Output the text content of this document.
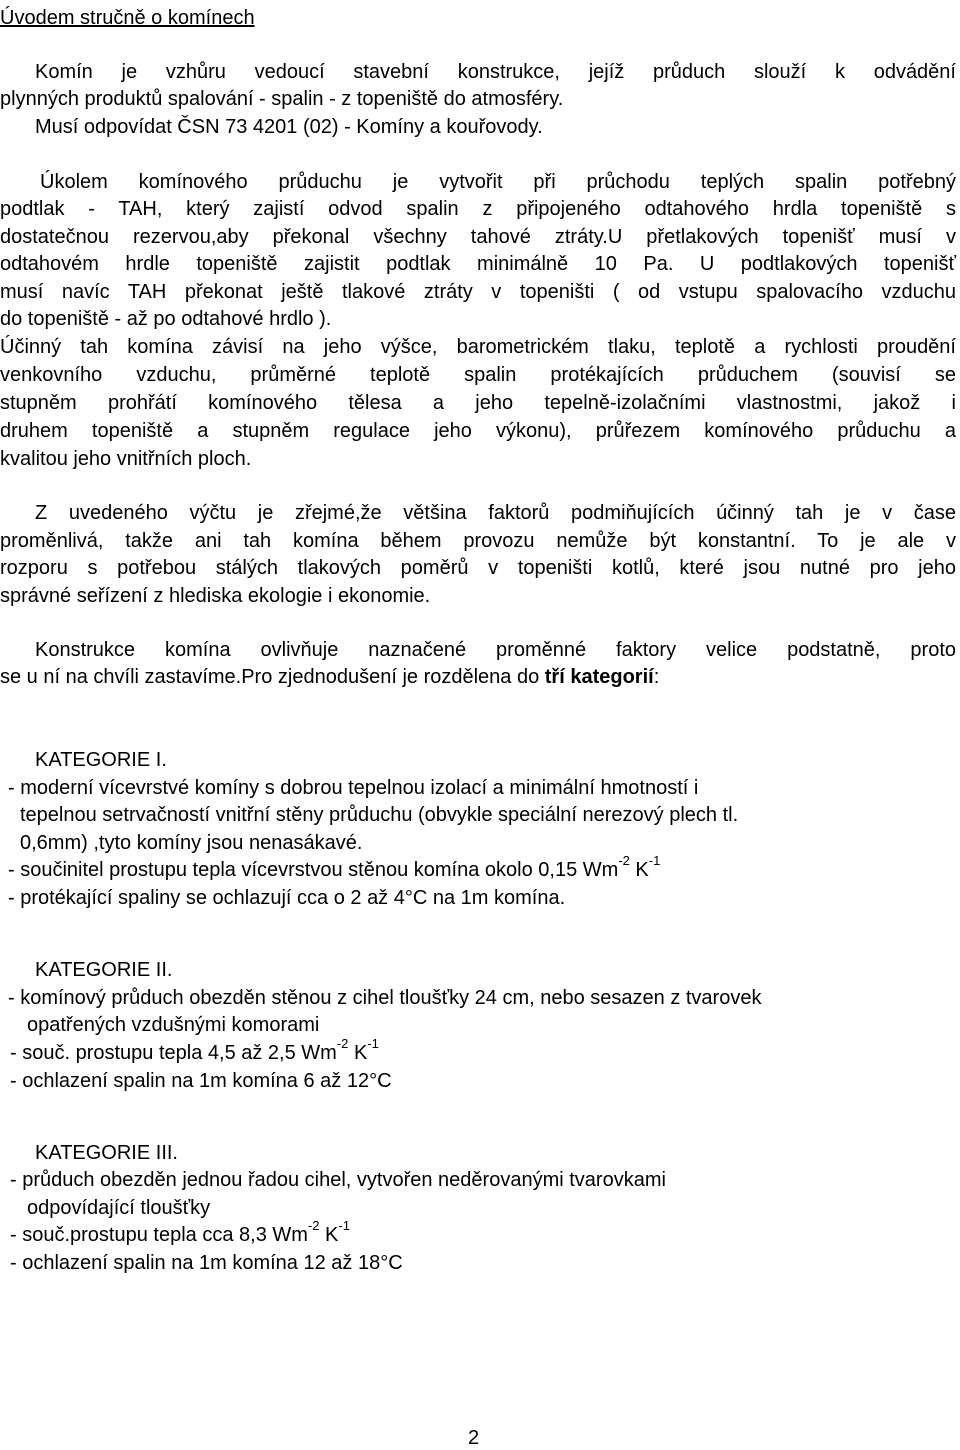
Úvodem stručně o komínech
Komín je vzhůru vedoucí stavební konstrukce, jejíž průduch slouží k odvádění
plynných produktů spalování - spalin - z topeniště do atmosféry.
Musí odpovídat ČSN 73 4201 (02) - Komíny a kouřovody.
Úkolem komínového průduchu je vytvořit při průchodu teplých spalin potřebný
podtlak - TAH, který zajistí odvod spalin z připojeného odtahového hrdla topeniště s
dostatečnou rezervou,aby překonal všechny tahové ztráty.U přetlakových topenišť musí v
odtahovém hrdle topeniště zajistit podtlak minimálně 10 Pa. U podtlakových topenišť
musí navíc TAH překonat ještě tlakové ztráty v topeništi ( od vstupu spalovacího vzduchu
do topeniště - až po odtahové hrdlo ).
Účinný tah komína závisí na jeho výšce, barometrickém tlaku, teplotě a rychlosti proudění
venkovního vzduchu, průměrné teplotě spalin protékajících průduchem (souvisí se
stupněm prohřátí komínového tělesa a jeho tepelně-izolačními vlastnostmi, jakož i
druhem topeniště a stupněm regulace jeho výkonu), průřezem komínového průduchu a
kvalitou jeho vnitřních ploch.
Z uvedeného výčtu je zřejmé,že většina faktorů podmiňujících účinný tah je v čase
proměnlivá, takže ani tah komína během provozu nemůže být konstantní. To je ale v
rozporu s potřebou stálých tlakových poměrů v topeništi kotlů, které jsou nutné pro jeho
správné seřízení z hlediska ekologie i ekonomie.
Konstrukce komína ovlivňuje naznačené proměnné faktory velice podstatně, proto
se u ní na chvíli zastavíme.Pro zjednodušení je rozdělena do tří kategorií:
KATEGORIE I.
- moderní vícevrstvé komíny s dobrou tepelnou izolací a minimální hmotností i
tepelnou setrvačností vnitřní stěny průduchu (obvykle speciální nerezový plech tl.
0,6mm) ,tyto komíny jsou nenasákavé.
- součinitel prostupu tepla vícevrstvou stěnou komína okolo 0,15 $Wm^{-2}$ $K^{-1}$
- protékající spaliny se ochlazují cca o 2 až 4°C na 1m komína.
KATEGORIE II.
- komínový průduch obezděn stěnou z cihel tloušťky 24 cm, nebo sesazen z tvarovek
opatřených vzdušnými komorami
- souč. prostupu tepla 4,5 až 2,5 $Wm^{-2}$ $K^{-1}$
- ochlazení spalin na 1m komína 6 až 12°C
KATEGORIE III.
- průduch obezděn jednou řadou cihel, vytvořen neděrovanými tvarovkami
odpovídající tloušťky
- souč.prostupu tepla cca 8,3 $Wm^{-2}$ $K^{-1}$
- ochlazení spalin na 1m komína 12 až 18°C
2
